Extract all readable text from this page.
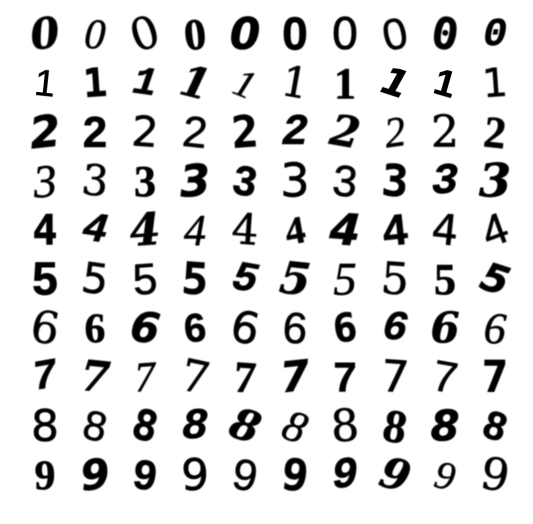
0 0 0 0 0 0 0 0 0 0
1 1 1 1 1 1 1 1 1 1
2 2 2 2 2 2 2 2 2 2
3 3 3 3 3 3 3 3 3 3
4 4 4 4 4 4 4 4 4 4
5 5 5 5 5 5 5 5 5 5
6 6 6 6 6 6 6 6 6 6
7 7 7 7 7 7 7 7 7 7
8 8 8 8 8 8 8 8 8 8
9 9 9 9 9 9 9 9 9 9
